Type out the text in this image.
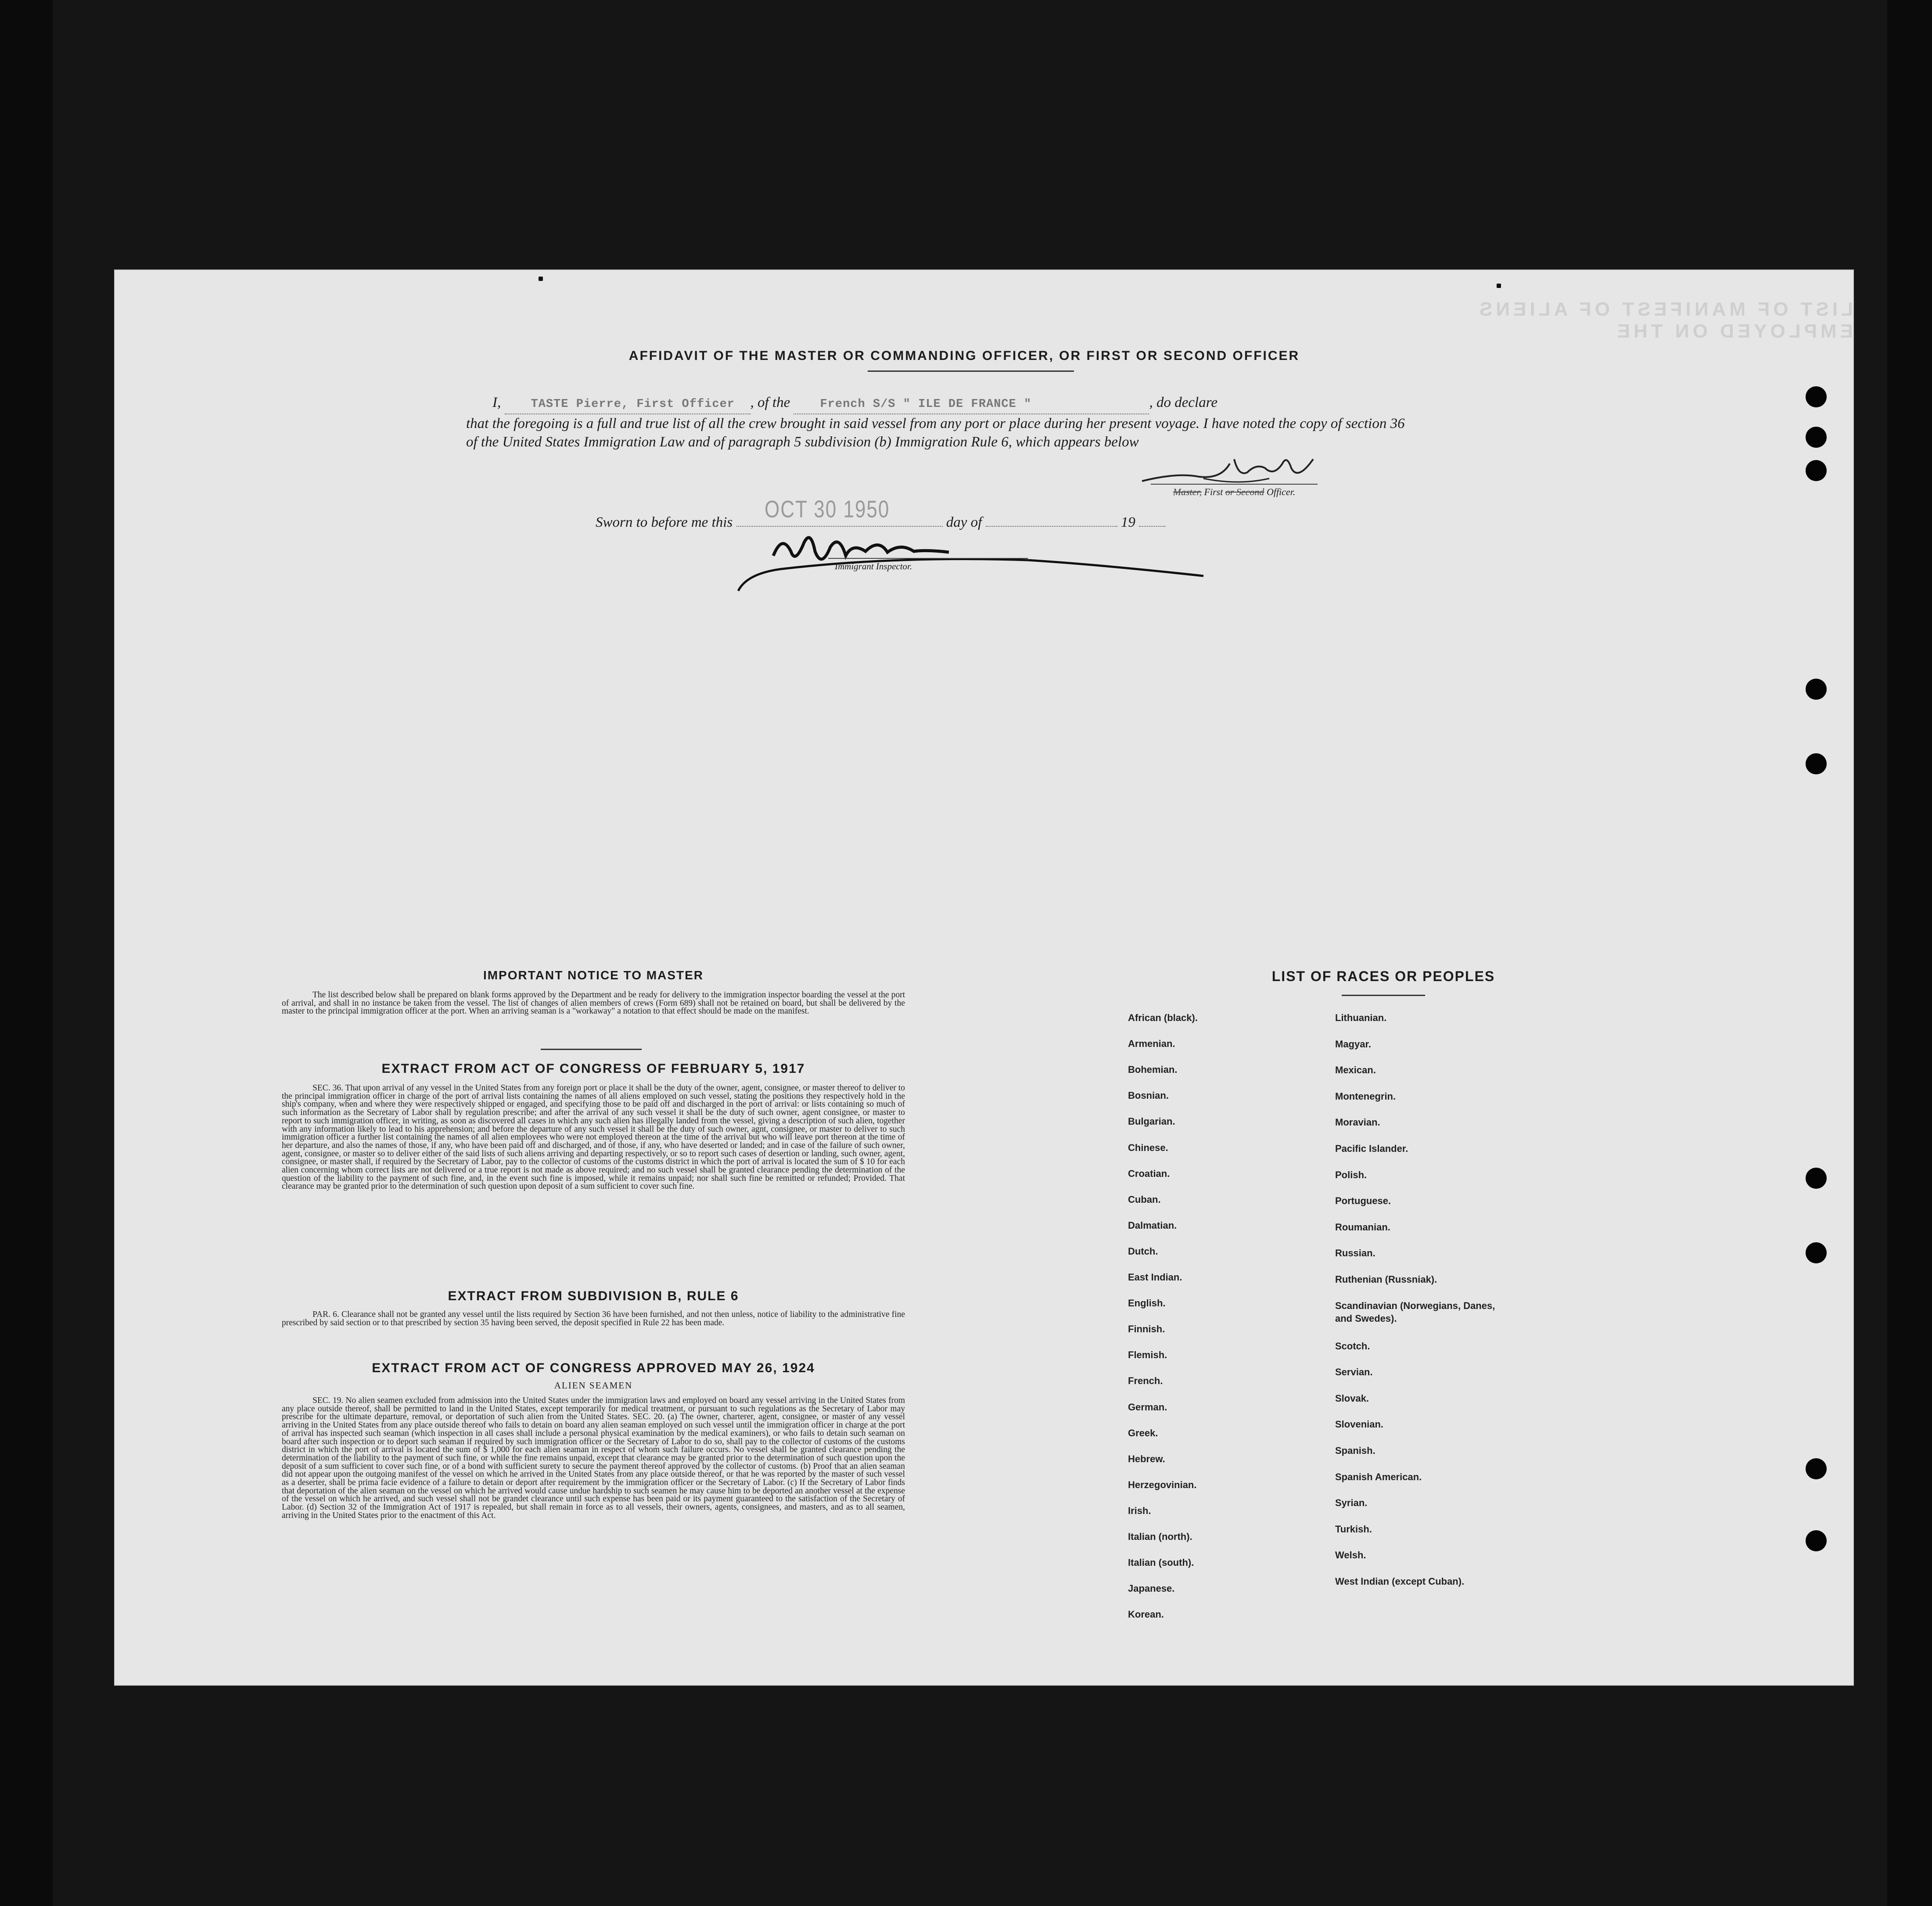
LIST OF MANIFEST OF ALIENS EMPLOYED ON THE
AFFIDAVIT OF THE MASTER OR COMMANDING OFFICER, OR FIRST OR SECOND OFFICER
I,	TASTE Pierre, First Officer , of the	French S/S " ILE DE FRANCE "	, do declare
that the foregoing is a full and true list of all the crew brought in said vessel from any port or place during her present voyage. I have noted the copy of section 36 of the United States Immigration Law and of paragraph 5 subdivision (b) Immigration Rule 6, which appears below
Master, First or Second Officer.
OCT 30 1950
Sworn to before me this	day of	19
Immigrant Inspector.
IMPORTANT NOTICE TO MASTER
The list described below shall be prepared on blank forms approved by the Department and be ready for delivery to the immigration inspector boarding the vessel at the port of arrival, and shall in no instance be taken from the vessel. The list of changes of alien members of crews (Form 689) shall not be retained on board, but shall be delivered by the master to the principal immigration officer at the port. When an arriving seaman is a "workaway" a notation to that effect should be made on the manifest.
EXTRACT FROM ACT OF CONGRESS OF FEBRUARY 5, 1917
SEC. 36. That upon arrival of any vessel in the United States from any foreign port or place it shall be the duty of the owner, agent, consignee, or master thereof to deliver to the principal immigration officer in charge of the port of arrival lists containing the names of all aliens employed on such vessel, stating the positions they respectively hold in the ship's company, when and where they were respectively shipped or engaged, and specifying those to be paid off and discharged in the port of arrival: or lists containing so much of such information as the Secretary of Labor shall by regulation prescribe; and after the arrival of any such vessel it shall be the duty of such owner, agent consignee, or master to report to such immigration officer, in writing, as soon as discovered all cases in which any such alien has illegally landed from the vessel, giving a description of such alien, together with any information likely to lead to his apprehension; and before the departure of any such vessel it shall be the duty of such owner, agnt, consignee, or master to deliver to such immigration officer a further list containing the names of all alien employees who were not employed thereon at the time of the arrival but who will leave port thereon at the time of her departure, and also the names of those, if any, who have been paid off and discharged, and of those, if any, who have deserted or landed; and in case of the failure of such owner, agent, consignee, or master so to deliver either of the said lists of such aliens arriving and departing respectively, or so to report such cases of desertion or landing, such owner, agent, consignee, or master shall, if required by the Secretary of Labor, pay to the collector of customs of the customs district in which the port of arrival is located the sum of $ 10 for each alien concerning whom correct lists are not delivered or a true report is not made as above required; and no such vessel shall be granted clearance pending the determination of the question of the liability to the payment of such fine, and, in the event such fine is imposed, while it remains unpaid; nor shall such fine be remitted or refunded; Provided. That clearance may be granted prior to the determination of such question upon deposit of a sum sufficient to cover such fine.
EXTRACT FROM SUBDIVISION B, RULE 6
PAR. 6. Clearance shall not be granted any vessel until the lists required by Section 36 have been furnished, and not then unless, notice of liability to the administrative fine prescribed by said section or to that prescribed by section 35 having been served, the deposit specified in Rule 22 has been made.
EXTRACT FROM ACT OF CONGRESS APPROVED MAY 26, 1924
ALIEN SEAMEN
SEC. 19. No alien seamen excluded from admission into the United States under the immigration laws and employed on board any vessel arriving in the United States from any place outside thereof, shall be permitted to land in the United States, except temporarily for medical treatment, or pursuant to such regulations as the Secretary of Labor may prescribe for the ultimate departure, removal, or deportation of such alien from the United States. SEC. 20. (a) The owner, charterer, agent, consignee, or master of any vessel arriving in the United States from any place outside thereof who fails to detain on board any alien seaman employed on such vessel until the immigration officer in charge at the port of arrival has inspected such seaman (which inspection in all cases shall include a personal physical examination by the medical examiners), or who fails to detain such seaman on board after such inspection or to deport such seaman if required by such immigration officer or the Secretary of Labor to do so, shall pay to the collector of customs of the customs district in which the port of arrival is located the sum of $ 1,000 for each alien seaman in respect of whom such failure occurs. No vessel shall be granted clearance pending the determination of the liability to the payment of such fine, or while the fine remains unpaid, except that clearance may be granted prior to the determination of such question upon the deposit of a sum sufficient to cover such fine, or of a bond with sufficient surety to secure the payment thereof approved by the collector of customs. (b) Proof that an alien seaman did not appear upon the outgoing manifest of the vessel on which he arrived in the United States from any place outside thereof, or that he was reported by the master of such vessel as a deserter, shall be prima facie evidence of a failure to detain or deport after requirement by the immigration officer or the Secretary of Labor. (c) If the Secretary of Labor finds that deportation of the alien seaman on the vessel on which he arrived would cause undue hardship to such seamen he may cause him to be deported an another vessel at the expense of the vessel on which he arrived, and such vessel shall not be grandet clearance until such expense has been paid or its payment guaranteed to the satisfaction of the Secretary of Labor. (d) Section 32 of the Immigration Act of 1917 is repealed, but shall remain in force as to all vessels, their owners, agents, consignees, and masters, and as to all seamen, arriving in the United States prior to the enactment of this Act.
LIST OF RACES OR PEOPLES
African (black).
Armenian.
Bohemian.
Bosnian.
Bulgarian.
Chinese.
Croatian.
Cuban.
Dalmatian.
Dutch.
East Indian.
English.
Finnish.
Flemish.
French.
German.
Greek.
Hebrew.
Herzegovinian.
Irish.
Italian (north).
Italian (south).
Japanese.
Korean.
Lithuanian.
Magyar.
Mexican.
Montenegrin.
Moravian.
Pacific Islander.
Polish.
Portuguese.
Roumanian.
Russian.
Ruthenian (Russniak).
Scandinavian (Norwegians, Danes, and Swedes).
Scotch.
Servian.
Slovak.
Slovenian.
Spanish.
Spanish American.
Syrian.
Turkish.
Welsh.
West Indian (except Cuban).
